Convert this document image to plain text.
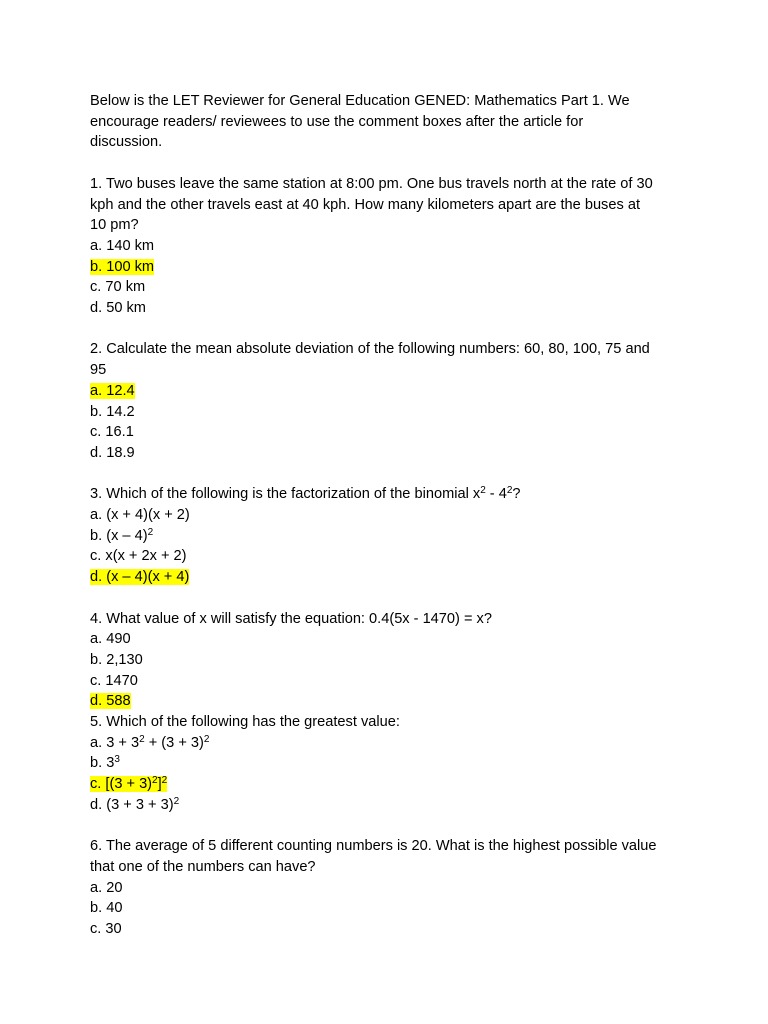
Below is the LET Reviewer for General Education GENED: Mathematics Part 1. We
encourage readers/ reviewees to use the comment boxes after the article for
discussion.
1. Two buses leave the same station at 8:00 pm. One bus travels north at the rate of 30
kph and the other travels east at 40 kph. How many kilometers apart are the buses at
10 pm?
a. 140 km
b. 100 km
c. 70 km
d. 50 km
2. Calculate the mean absolute deviation of the following numbers: 60, 80, 100, 75 and
95
a. 12.4
b. 14.2
c. 16.1
d. 18.9
3. Which of the following is the factorization of the binomial $x^2 - 4^2$?
a. (x + 4)(x + 2)
b. (x – 4)$^2$
c. x(x + 2x + 2)
d. (x – 4)(x + 4)
4. What value of x will satisfy the equation: 0.4(5x - 1470) = x?
a. 490
b. 2,130
c. 1470
d. 588
5. Which of the following has the greatest value:
a. $3 + 3^2 + (3 + 3)^2$
b. $3^3$
c. $[(3 + 3)^2]^2$
d. $(3 + 3 + 3)^2$
6. The average of 5 different counting numbers is 20. What is the highest possible value
that one of the numbers can have?
a. 20
b. 40
c. 30
